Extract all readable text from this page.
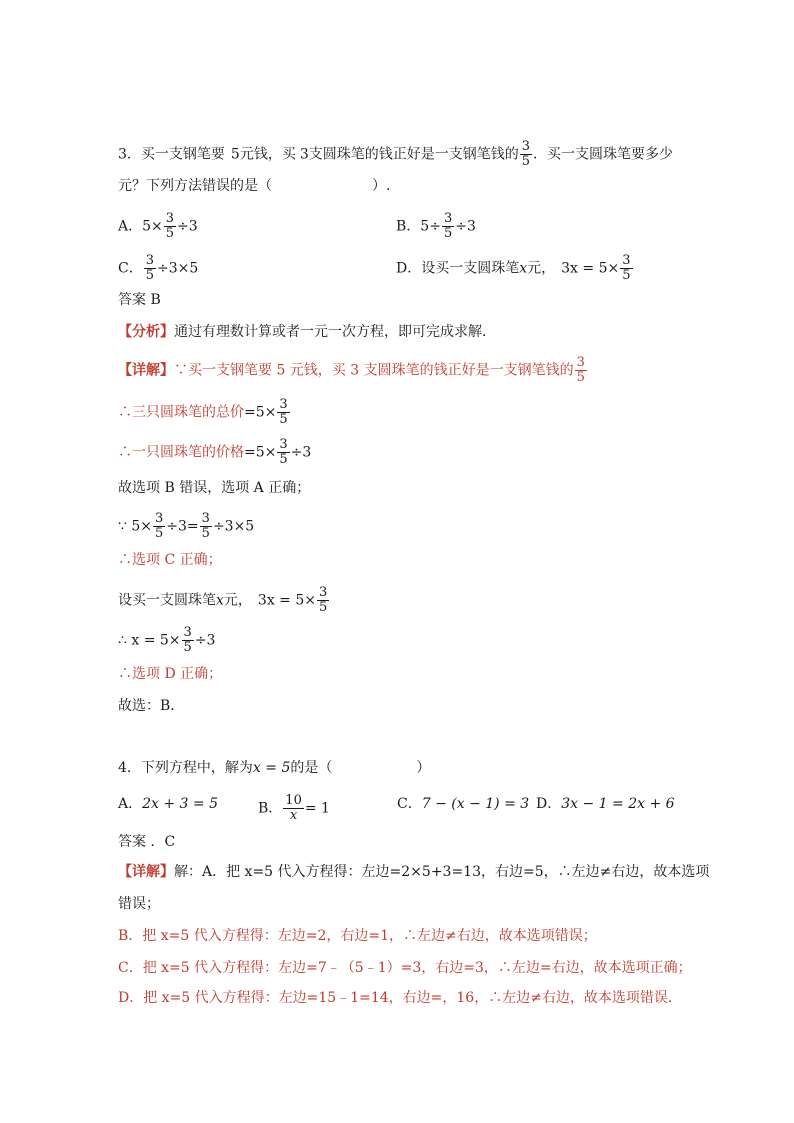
3．买一支钢笔要 5元钱，买 3支圆珠笔的钱正好是一支钢笔钱的 $\frac{3}{5}$ ．买一支圆珠笔要多少
元？下列方法错误的是（	）.
A．$5\times \frac{3}{5} \div 3$	B．$5\div \frac{3}{5} \div 3$
C． $\frac{3}{5} \div 3\times 5$	D．设买一支圆珠笔x元， $3x = 5\times \frac{3}{5}$
答案 B
【分析】通过有理数计算或者一元一次方程，即可完成求解．
【详解】∵买一支钢笔要 5 元钱，买 3 支圆珠笔的钱正好是一支钢笔钱的 $\frac{3}{5}$
∴三只圆珠笔的总价$=5\times \frac{3}{5}$
∴一只圆珠笔的价格$=5\times \frac{3}{5} \div 3$
故选项 B 错误，选项 A 正确；
∵ $5\times \frac{3}{5} \div 3= \frac{3}{5} \div 3\times 5$
∴选项 C 正确；
设买一支圆珠笔x元， $3x = 5\times \frac{3}{5}$
∴ $x = 5\times \frac{3}{5} \div 3$
∴选项 D 正确；
故选：B．
4．下列方程中，解为x = 5的是（	）
A．2x + 3 = 5	B． $\frac{10}{x} = 1$	C．7 − (x − 1) = 3 D．3x − 1 = 2x + 6
答案 ．C
【详解】解：A．把 x=5 代入方程得：左边=2×5+3=13，右边=5，∴左边≠右边，故本选项
错误；
B．把 x=5 代入方程得：左边=2，右边=1，∴左边≠右边，故本选项错误；
C．把 x=5 代入方程得：左边=7﹣（5﹣1）=3，右边=3，∴左边=右边，故本选项正确；
D．把 x=5 代入方程得：左边=15﹣1=14，右边=，16，∴左边≠右边，故本选项错误．
